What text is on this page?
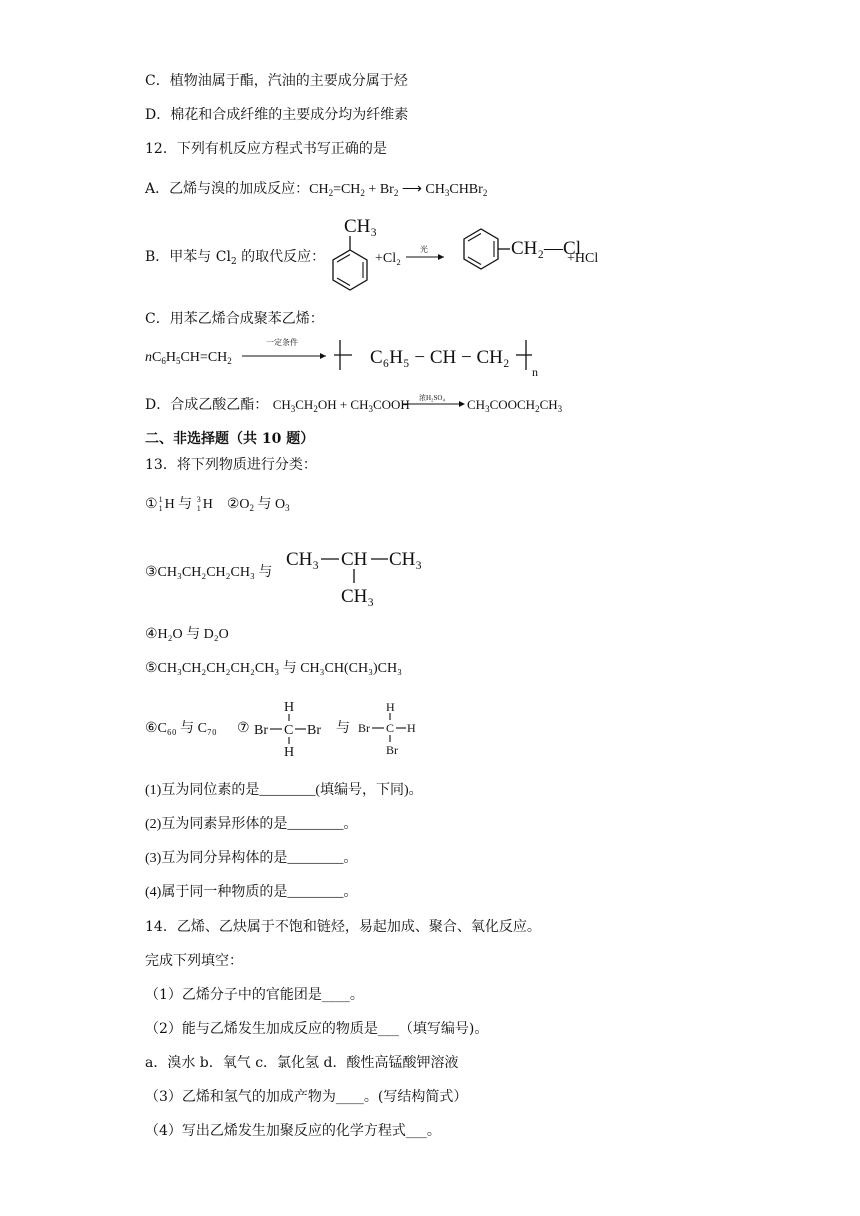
C．植物油属于酯，汽油的主要成分属于烃
D．棉花和合成纤维的主要成分均为纤维素
12．下列有机反应方程式书写正确的是
A．乙烯与溴的加成反应：$CH_2=CH_2 + Br_2$ ⟶ $CH_3CHBr_2$
B．甲苯与 $Cl_2$ 的取代反应：
CH₃
+Cl₂
光	CH₂—Cl
+HCl
C．用苯乙烯合成聚苯乙烯：
$nC_6H_5CH=CH_2$
一定条件
C₆H₅ − CH − CH₂
n
D．合成乙酸乙酯： $CH_3CH_2OH$ + $CH_3COOH$ 浓H₂SO₄ $CH_3COOCH_2CH_3$
二、非选择题（共 10 题）
13．将下列物质进行分类：
① 1
1 H 与 3
1 H $②O_2$ 与 $O_3$
③CH₃CH₂CH₂CH₃ 与
CH₃ CH CH₃
CH₃
④H₂O 与 D₂O
⑤CH₃CH₂CH₂CH₂CH₃ 与 CH₃CH(CH₃)CH₃
⑥C₆₀ 与 C₇₀ ⑦
H
Br C Br
H
与
H
Br C H
Br
(1)互为同位素的是________(填编号，下同)。
(2)互为同素异形体的是________。
(3)互为同分异构体的是________。
(4)属于同一种物质的是________。
14．乙烯、乙炔属于不饱和链烃，易起加成、聚合、氧化反应。
完成下列填空：
（1）乙烯分子中的官能团是____。
（2）能与乙烯发生加成反应的物质是___（填写编号)。
a．溴水 b．氧气 c．氯化氢 d．酸性高锰酸钾溶液
（3）乙烯和氢气的加成产物为____。(写结构简式）
（4）写出乙烯发生加聚反应的化学方程式___。
